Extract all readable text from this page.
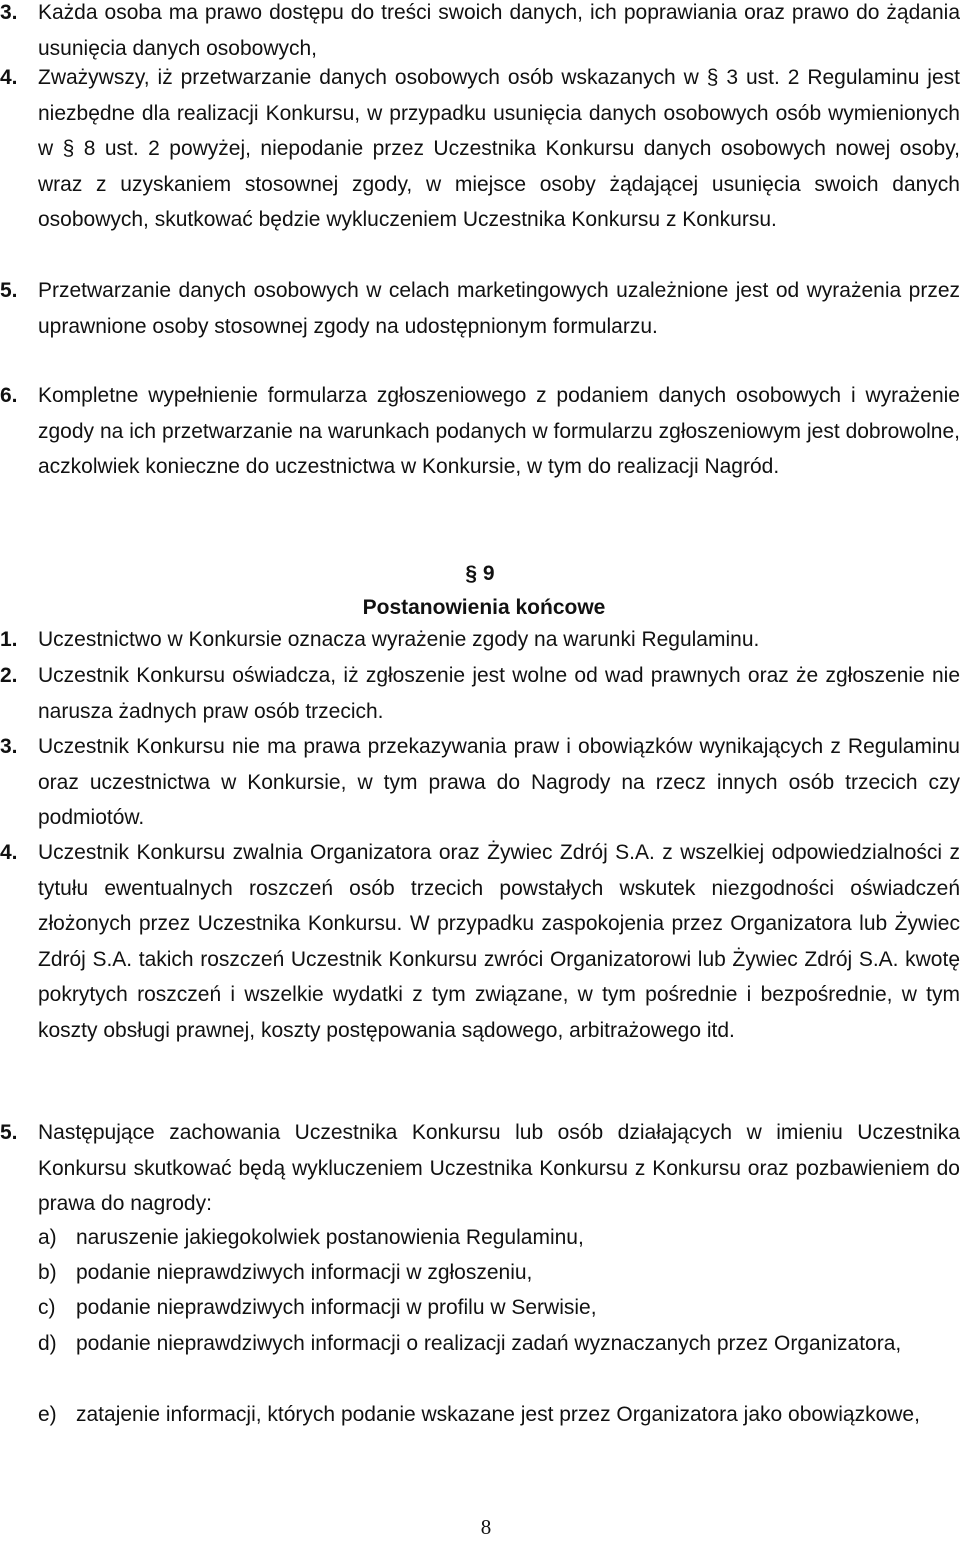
3. Każda osoba ma prawo dostępu do treści swoich danych, ich poprawiania oraz prawo do żądania usunięcia danych osobowych,
4. Zważywszy, iż przetwarzanie danych osobowych osób wskazanych w § 3 ust. 2 Regulaminu jest niezbędne dla realizacji Konkursu, w przypadku usunięcia danych osobowych osób wymienionych w § 8 ust. 2 powyżej, niepodanie przez Uczestnika Konkursu danych osobowych nowej osoby, wraz z uzyskaniem stosownej zgody, w miejsce osoby żądającej usunięcia swoich danych osobowych, skutkować będzie wykluczeniem Uczestnika Konkursu z Konkursu.
5. Przetwarzanie danych osobowych w celach marketingowych uzależnione jest od wyrażenia przez uprawnione osoby stosownej zgody na udostępnionym formularzu.
6. Kompletne wypełnienie formularza zgłoszeniowego z podaniem danych osobowych i wyrażenie zgody na ich przetwarzanie na warunkach podanych w formularzu zgłoszeniowym jest dobrowolne, aczkolwiek konieczne do uczestnictwa w Konkursie, w tym do realizacji Nagród.
§ 9
Postanowienia końcowe
1. Uczestnictwo w Konkursie oznacza wyrażenie zgody na warunki Regulaminu.
2. Uczestnik Konkursu oświadcza, iż zgłoszenie jest wolne od wad prawnych oraz że zgłoszenie nie narusza żadnych praw osób trzecich.
3. Uczestnik Konkursu nie ma prawa przekazywania praw i obowiązków wynikających z Regulaminu oraz uczestnictwa w Konkursie, w tym prawa do Nagrody na rzecz innych osób trzecich czy podmiotów.
4. Uczestnik Konkursu zwalnia Organizatora oraz Żywiec Zdrój S.A. z wszelkiej odpowiedzialności z tytułu ewentualnych roszczeń osób trzecich powstałych wskutek niezgodności oświadczeń złożonych przez Uczestnika Konkursu. W przypadku zaspokojenia przez Organizatora lub Żywiec Zdrój S.A. takich roszczeń Uczestnik Konkursu zwróci Organizatorowi lub Żywiec Zdrój S.A. kwotę pokrytych roszczeń i wszelkie wydatki z tym związane, w tym pośrednie i bezpośrednie, w tym koszty obsługi prawnej, koszty postępowania sądowego, arbitrażowego itd.
5. Następujące zachowania Uczestnika Konkursu lub osób działających w imieniu Uczestnika Konkursu skutkować będą wykluczeniem Uczestnika Konkursu z Konkursu oraz pozbawieniem do prawa do nagrody:
a) naruszenie jakiegokolwiek postanowienia Regulaminu,
b) podanie nieprawdziwych informacji w zgłoszeniu,
c) podanie nieprawdziwych informacji w profilu w Serwisie,
d) podanie nieprawdziwych informacji o realizacji zadań wyznaczanych przez Organizatora,
e) zatajenie informacji, których podanie wskazane jest przez Organizatora jako obowiązkowe,
8
